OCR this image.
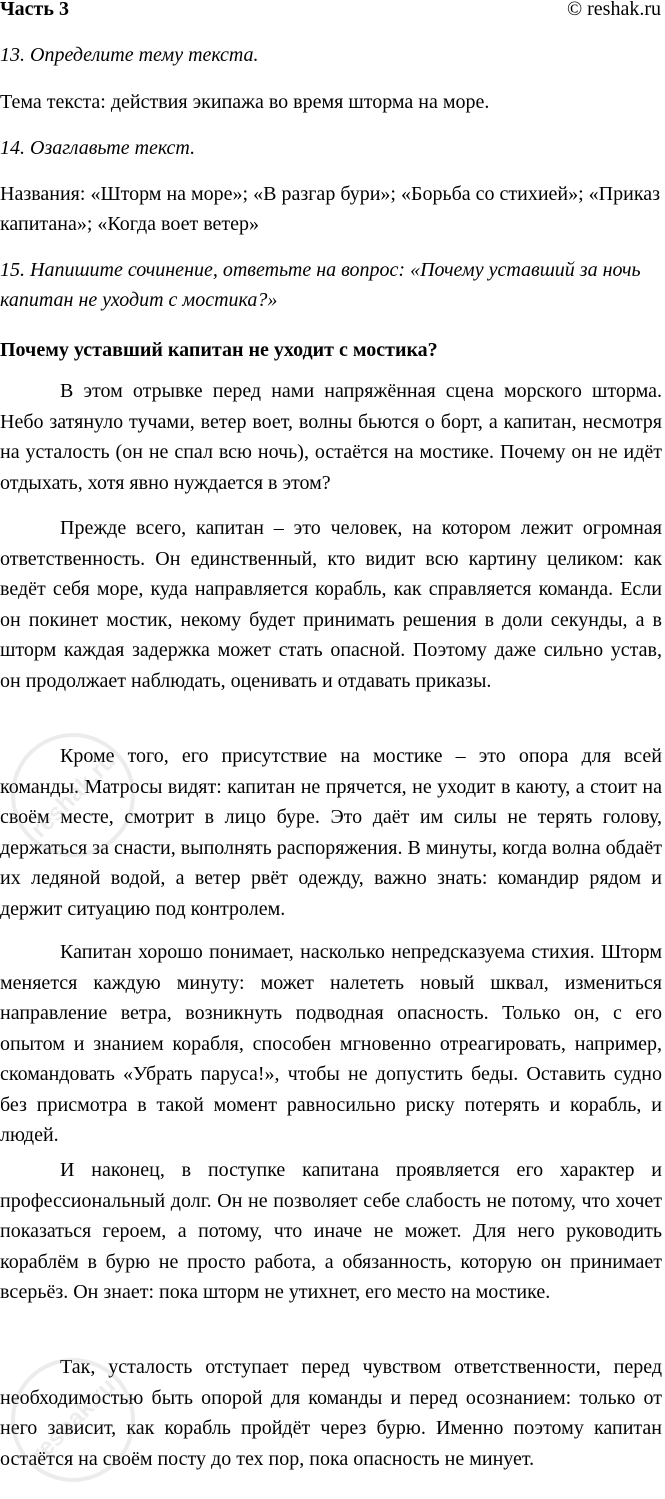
Часть 3	© reshak.ru

13. Определите тему текста.

Тема текста: действия экипажа во время шторма на море.

14. Озаглавьте текст.

Названия: «Шторм на море»; «В разгар бури»; «Борьба со стихией»; «Приказ капитана»; «Когда воет ветер»

15. Напишите сочинение, ответьте на вопрос: «Почему уставший за ночь капитан не уходит с мостика?»

Почему уставший капитан не уходит с мостика?

В этом отрывке перед нами напряжённая сцена морского шторма. Небо затянуло тучами, ветер воет, волны бьются о борт, а капитан, несмотря на усталость (он не спал всю ночь), остаётся на мостике. Почему он не идёт отдыхать, хотя явно нуждается в этом?

Прежде всего, капитан – это человек, на котором лежит огромная ответственность. Он единственный, кто видит всю картину целиком: как ведёт себя море, куда направляется корабль, как справляется команда. Если он покинет мостик, некому будет принимать решения в доли секунды, а в шторм каждая задержка может стать опасной. Поэтому даже сильно устав, он продолжает наблюдать, оценивать и отдавать приказы.

Кроме того, его присутствие на мостике – это опора для всей команды. Матросы видят: капитан не прячется, не уходит в каюту, а стоит на своём месте, смотрит в лицо буре. Это даёт им силы не терять голову, держаться за снасти, выполнять распоряжения. В минуты, когда волна обдаёт их ледяной водой, а ветер рвёт одежду, важно знать: командир рядом и держит ситуацию под контролем.

Капитан хорошо понимает, насколько непредсказуема стихия. Шторм меняется каждую минуту: может налететь новый шквал, измениться направление ветра, возникнуть подводная опасность. Только он, с его опытом и знанием корабля, способен мгновенно отреагировать, например, скомандовать «Убрать паруса!», чтобы не допустить беды. Оставить судно без присмотра в такой момент равносильно риску потерять и корабль, и людей.

И наконец, в поступке капитана проявляется его характер и профессиональный долг. Он не позволяет себе слабость не потому, что хочет показаться героем, а потому, что иначе не может. Для него руководить кораблём в бурю не просто работа, а обязанность, которую он принимает всерьёз. Он знает: пока шторм не утихнет, его место на мостике.

Так, усталость отступает перед чувством ответственности, перед необходимостью быть опорой для команды и перед осознанием: только от него зависит, как корабль пройдёт через бурю. Именно поэтому капитан остаётся на своём посту до тех пор, пока опасность не минует.

reshak.ru
reshak.ru
